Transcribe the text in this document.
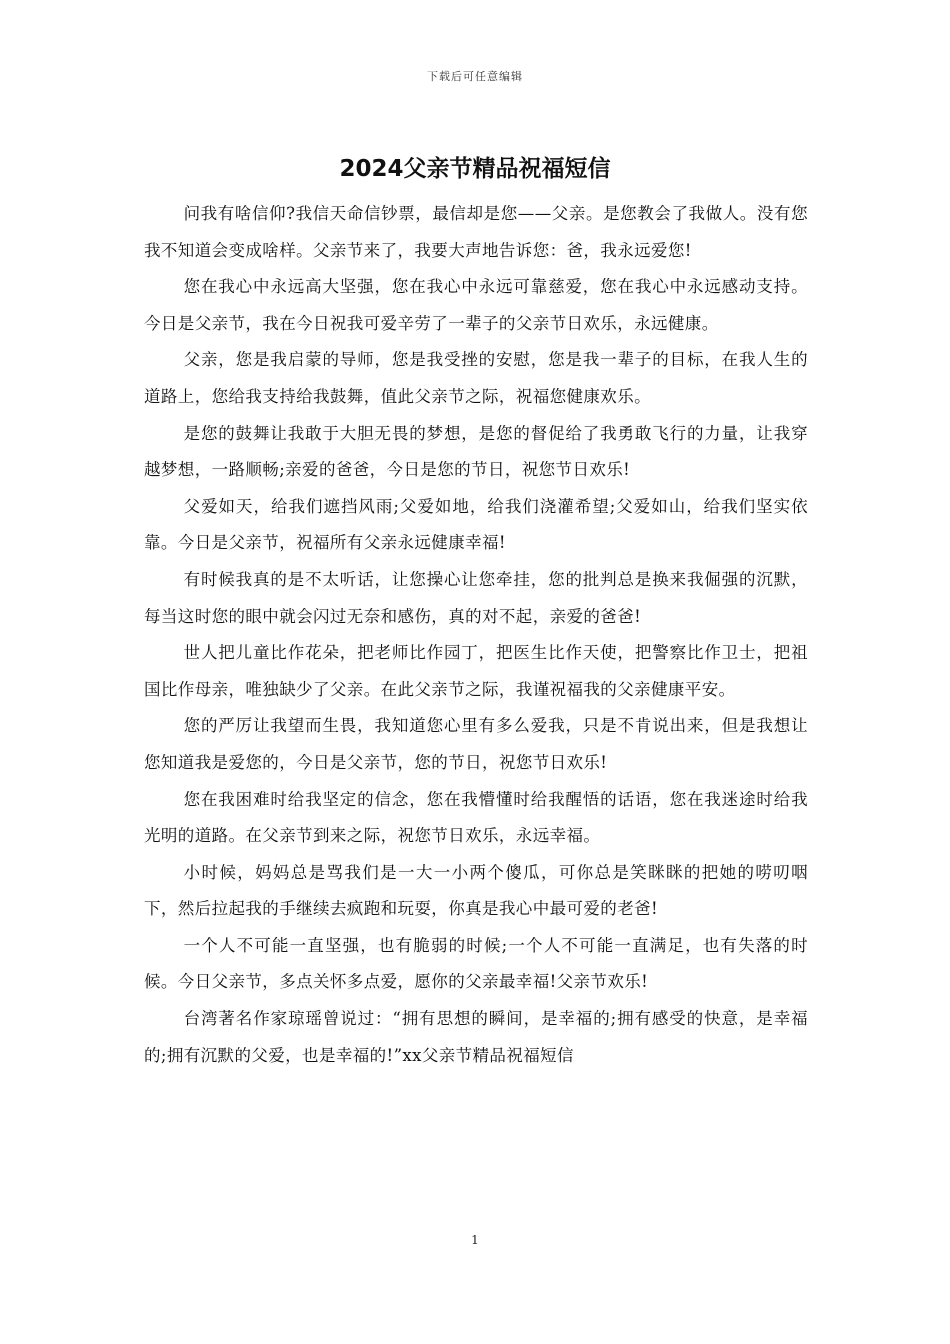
下载后可任意编辑
2024父亲节精品祝福短信

问我有啥信仰?我信天命信钞票，最信却是您——父亲。是您教会了我做人。没有您我不知道会变成啥样。父亲节来了，我要大声地告诉您：爸，我永远爱您!

您在我心中永远高大坚强，您在我心中永远可靠慈爱，您在我心中永远感动支持。今日是父亲节，我在今日祝我可爱辛劳了一辈子的父亲节日欢乐，永远健康。

父亲，您是我启蒙的导师，您是我受挫的安慰，您是我一辈子的目标，在我人生的道路上，您给我支持给我鼓舞，值此父亲节之际，祝福您健康欢乐。

是您的鼓舞让我敢于大胆无畏的梦想，是您的督促给了我勇敢飞行的力量，让我穿越梦想，一路顺畅;亲爱的爸爸，今日是您的节日，祝您节日欢乐!

父爱如天，给我们遮挡风雨;父爱如地，给我们浇灌希望;父爱如山，给我们坚实依靠。今日是父亲节，祝福所有父亲永远健康幸福!

有时候我真的是不太听话，让您操心让您牵挂，您的批判总是换来我倔强的沉默，每当这时您的眼中就会闪过无奈和感伤，真的对不起，亲爱的爸爸!

世人把儿童比作花朵，把老师比作园丁，把医生比作天使，把警察比作卫士，把祖国比作母亲，唯独缺少了父亲。在此父亲节之际，我谨祝福我的父亲健康平安。

您的严厉让我望而生畏，我知道您心里有多么爱我，只是不肯说出来，但是我想让您知道我是爱您的，今日是父亲节，您的节日，祝您节日欢乐!

您在我困难时给我坚定的信念，您在我懵懂时给我醒悟的话语，您在我迷途时给我光明的道路。在父亲节到来之际，祝您节日欢乐，永远幸福。

小时候，妈妈总是骂我们是一大一小两个傻瓜，可你总是笑眯眯的把她的唠叨咽下，然后拉起我的手继续去疯跑和玩耍，你真是我心中最可爱的老爸!

一个人不可能一直坚强，也有脆弱的时候;一个人不可能一直满足，也有失落的时候。今日父亲节，多点关怀多点爱，愿你的父亲最幸福!父亲节欢乐!

台湾著名作家琼瑶曾说过：“拥有思想的瞬间，是幸福的;拥有感受的快意，是幸福的;拥有沉默的父爱，也是幸福的!”xx父亲节精品祝福短信

1
